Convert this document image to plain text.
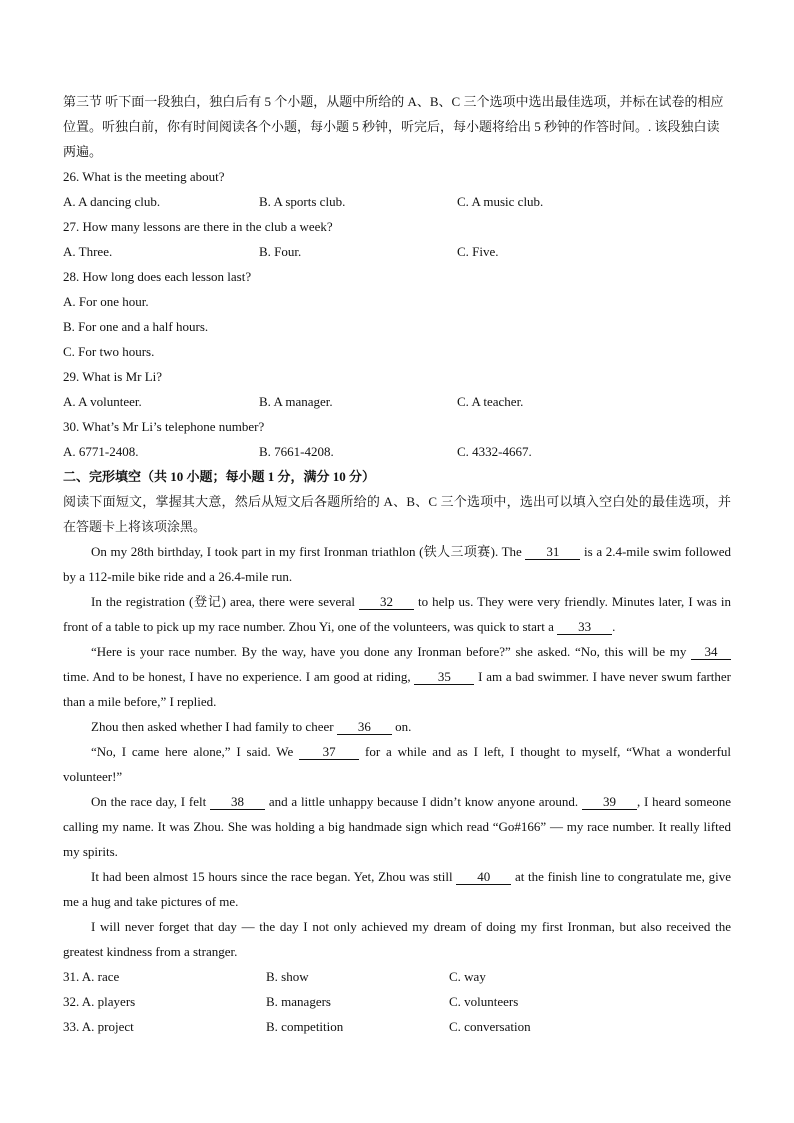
第三节 听下面一段独白，独白后有 5 个小题，从题中所给的 A、B、C 三个选项中选出最佳选项，并标在试卷的相应位置。听独白前，你有时间阅读各个小题，每小题 5 秒钟，听完后，每小题将给出 5 秒钟的作答时间。. 该段独白读两遍。
26. What is the meeting about?
A. A dancing club.	B. A sports club.	C. A music club.
27. How many lessons are there in the club a week?
A. Three.	B. Four.	C. Five.
28. How long does each lesson last?
A. For one hour.
B. For one and a half hours.
C. For two hours.
29. What is Mr Li?
A. A volunteer.	B. A manager.	C. A teacher.
30. What’s Mr Li’s telephone number?
A. 6771-2408.	B. 7661-4208.	C. 4332-4667.
二、完形填空（共 10 小题；每小题 1 分，满分 10 分）
阅读下面短文，掌握其大意，然后从短文后各题所给的 A、B、C 三个选项中，选出可以填入空白处的最佳选项，并在答题卡上将该项涂黑。
On my 28th birthday, I took part in my first Ironman triathlon (铁人三项赛). The 31 is a 2.4-mile swim followed by a 112-mile bike ride and a 26.4-mile run.
In the registration (登记) area, there were several 32 to help us. They were very friendly. Minutes later, I was in front of a table to pick up my race number. Zhou Yi, one of the volunteers, was quick to start a 33 .
“Here is your race number. By the way, have you done any Ironman before?” she asked. “No, this will be my 34 time. And to be honest, I have no experience. I am good at riding, 35 I am a bad swimmer. I have never swum farther than a mile before,” I replied.
Zhou then asked whether I had family to cheer 36 on.
“No, I came here alone,” I said. We 37 for a while and as I left, I thought to myself, “What a wonderful volunteer!”
On the race day, I felt 38 and a little unhappy because I didn’t know anyone around. 39 , I heard someone calling my name. It was Zhou. She was holding a big handmade sign which read “Go#166” — my race number. It really lifted my spirits.
It had been almost 15 hours since the race began. Yet, Zhou was still 40 at the finish line to congratulate me, give me a hug and take pictures of me.
I will never forget that day — the day I not only achieved my dream of doing my first Ironman, but also received the greatest kindness from a stranger.
31. A. race	B. show	C. way
32. A. players	B. managers	C. volunteers
33. A. project	B. competition	C. conversation
